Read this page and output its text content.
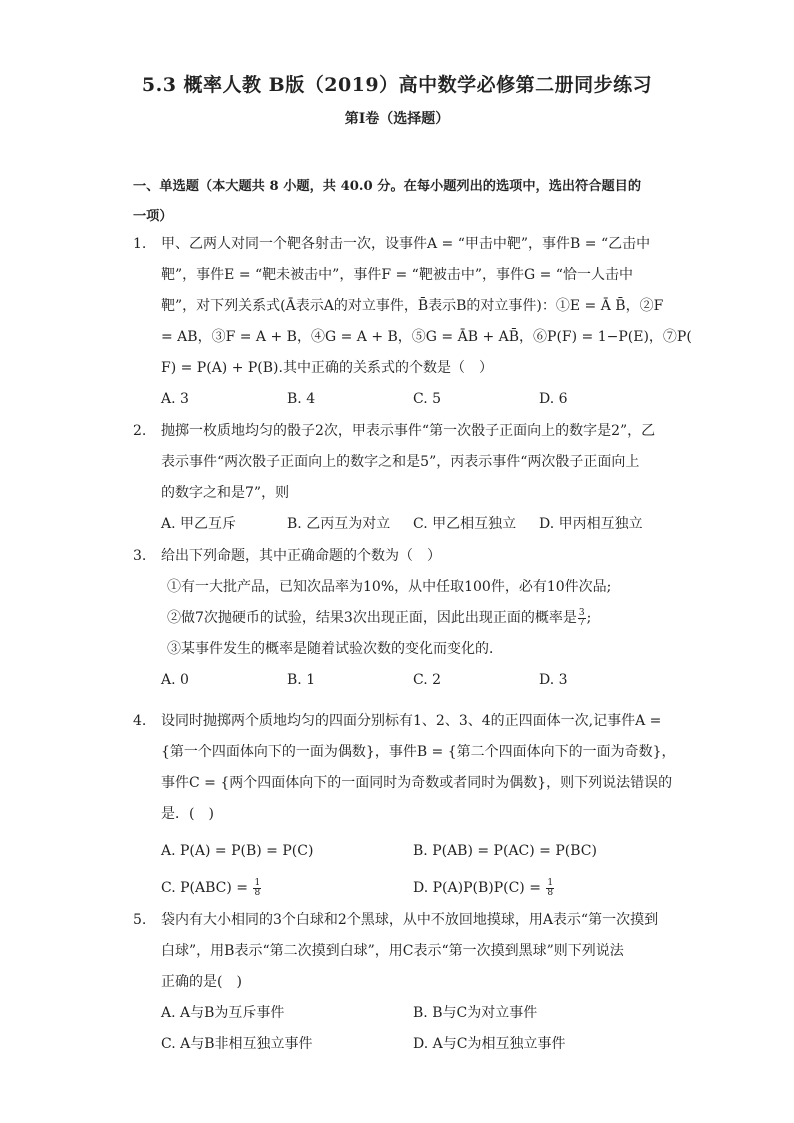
5.3 概率人教 B版（2019）高中数学必修第二册同步练习
第I卷（选择题）
一、单选题（本大题共 8 小题，共 40.0 分。在每小题列出的选项中，选出符合题目的
一项）
1. 甲、乙两人对同一个靶各射击一次，设事件A = “甲击中靶”，事件B = “乙击中
靶”，事件E = “靶未被击中”，事件F = “靶被击中”，事件G = “恰一人击中
靶”，对下列关系式(Ā表示A的对立事件，B̄表示B的对立事件)：①E = Ā B̄，②F
= AB，③F = A + B，④G = A + B，⑤G = ĀB + AB̄，⑥P(F) = 1−P(E)，⑦P(
F) = P(A) + P(B).其中正确的关系式的个数是（　）
A. 3	B. 4	C. 5	D. 6
2. 抛掷一枚质地均匀的骰子2次，甲表示事件“第一次骰子正面向上的数字是2”，乙
表示事件“两次骰子正面向上的数字之和是5”，丙表示事件“两次骰子正面向上
的数字之和是7”，则
A. 甲乙互斥	B. 乙丙互为对立 C. 甲乙相互独立 D. 甲丙相互独立
3. 给出下列命题，其中正确命题的个数为（　）
①有一大批产品，已知次品率为10%，从中任取100件，必有10件次品;
②做7次抛硬币的试验，结果3次出现正面，因此出现正面的概率是 $\frac{3}{7}$ ;
③某事件发生的概率是随着试验次数的变化而变化的．
A. 0	B. 1	C. 2	D. 3
4. 设同时抛掷两个质地均匀的四面分别标有1、2、3、4的正四面体一次,记事件A =
{第一个四面体向下的一面为偶数}，事件B = {第二个四面体向下的一面为奇数}，
事件C = {两个四面体向下的一面同时为奇数或者同时为偶数}，则下列说法错误的
是．(　)
A. P(A) = P(B) = P(C)	B. P(AB) = P(AC) = P(BC)
C. $P(ABC) = \frac{1}{8}$	D. $P(A)P(B)P(C) = \frac{1}{8}$
5. 袋内有大小相同的3个白球和2个黑球，从中不放回地摸球，用A表示“第一次摸到
白球”，用B表示“第二次摸到白球”，用C表示“第一次摸到黑球”则下列说法
正确的是(　)
A. A与B为互斥事件	B. B与C为对立事件
C. A与B非相互独立事件	D. A与C为相互独立事件
